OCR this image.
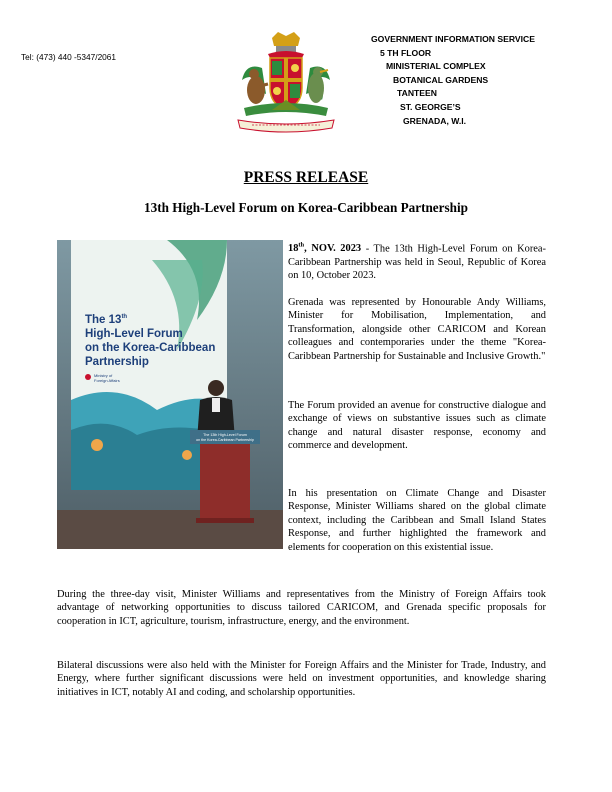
Tel: (473) 440 -5347/2061
GOVERNMENT INFORMATION SERVICE
5 TH FLOOR
MINISTERIAL COMPLEX
BOTANICAL GARDENS
TANTEEN
ST. GEORGE’S
GRENADA, W.I.
PRESS RELEASE
13th High-Level Forum on Korea-Caribbean Partnership
The 13th
High-Level Forum
on the Korea-Caribbean
Partnership
Ministry of
Foreign Affairs
The 13th High-Level Forum
on the Korea-Caribbean Partnership

18th, NOV. 2023 - The 13th High-Level Forum on Korea-Caribbean Partnership was held in Seoul, Republic of Korea on 10, October 2023.

Grenada was represented by Honourable Andy Williams, Minister for Mobilisation, Implementation, and Transformation, alongside other CARICOM and Korean colleagues and contemporaries under the theme "Korea-Caribbean Partnership for Sustainable and Inclusive Growth."

The Forum provided an avenue for constructive dialogue and exchange of views on substantive issues such as climate change and natural disaster response, economy and commerce and development.

In his presentation on Climate Change and Disaster Response, Minister Williams shared on the global climate context, including the Caribbean and Small Island States Response, and further highlighted the framework and elements for cooperation on this existential issue.

During the three-day visit, Minister Williams and representatives from the Ministry of Foreign Affairs took advantage of networking opportunities to discuss tailored CARICOM, and Grenada specific proposals for cooperation in ICT, agriculture, tourism, infrastructure, energy, and the environment.

Bilateral discussions were also held with the Minister for Foreign Affairs and the Minister for Trade, Industry, and Energy, where further significant discussions were held on investment opportunities, and knowledge sharing initiatives in ICT, notably AI and coding, and scholarship opportunities.
